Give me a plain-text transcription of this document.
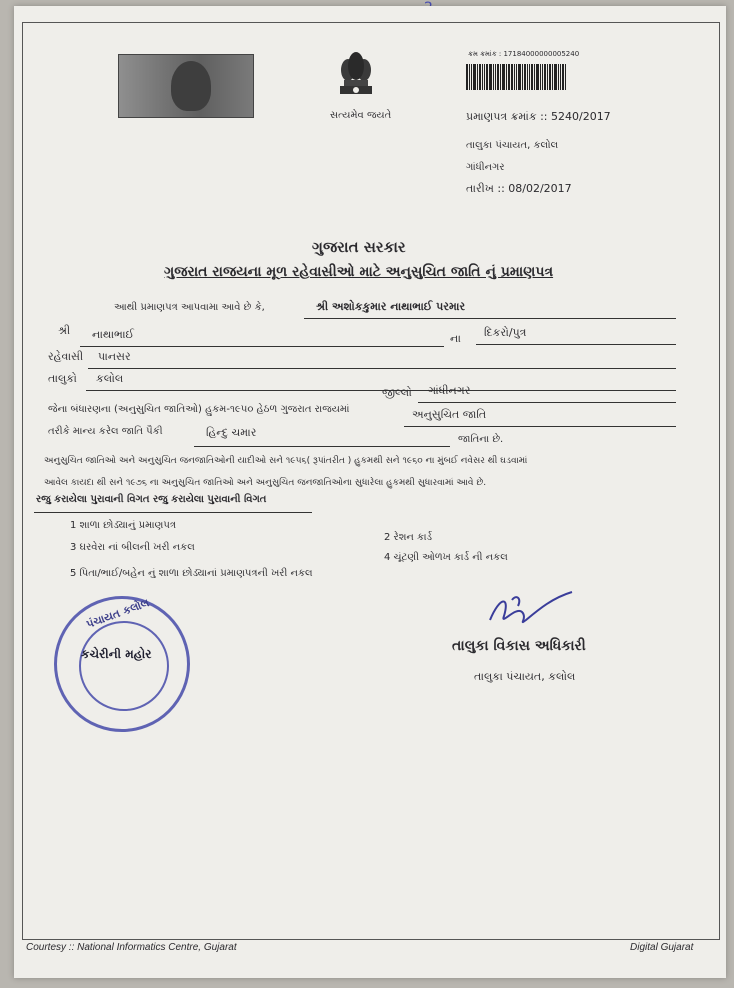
સત્યમેવ જયતે
ક્રમ ક્રમાંક : 17184000000005240
પ્રમાણપત્ર ક્રમાંક :: 5240/2017
તાલુકા પંચાયત, કલોલ
ગાંધીનગર
તારીખ :: 08/02/2017
ગુજરાત સરકાર
ગુજરાત રાજયના મૂળ રહેવાસીઓ માટે અનુસુચિત જાતિ નું પ્રમાણપત્ર
આથી પ્રમાણપત્ર આપવામા આવે છે કે,	શ્રી અશોકકુમાર નાથાભાઈ પરમાર
શ્રી નાથાભાઈ	ના દિકરો/પુત્ર
રહેવાસી પાનસર
તાલુકો કલોલ
જીલ્લો ગાંધીનગર
જેના બંધારણના (અનુસુચિત જાતિઓ) હુકમ-૧૯૫૦ હેઠળ ગુજરાત રાજયમાં	અનુસુચિત જાતિ
તરીકે માન્ય કરેલ જાતિ પૈકી	હિન્દુ ચમાર
જાતિના છે.
અનુસુચિત જાતિઓ અને અનુસુચિત જનજાતિઓની યાદીઓ સને ૧૯૫૬( રૂપાંતરીત ) હુકમથી સને ૧૯૬૦ ના મુંબઈ નવેસર થી ઘડવામાં
આવેલ કાયદા થી સને ૧૯૭૬ ના અનુસુચિત જાતિઓ અને અનુસુચિત જનજાતિઓના સુધારેલા હુકમથી સુધારવામાં આવે છે.
રજુ કરાયેલા પુરાવાની વિગત રજુ કરાયેલા પુરાવાની વિગત
1 શાળા છોડ્યાનું પ્રમાણપત્ર
2 રેશન કાર્ડ
3 ઘરવેરા નાં બીલની ખરી નકલ
4 ચૂંટણી ઓળખ કાર્ડ ની નકલ
5 પિતા/ભાઈ/બહેન નું શાળા છોડ્યાનાં પ્રમાણપત્રની ખરી નકલ
તાલુકા વિકાસ અધિકારી
તાલુકા પંચાયત, કલોલ
પંચાયત કલોલ
કચેરીની મહોર
Courtesy :: National Informatics Centre, Gujarat	Digital Gujarat
